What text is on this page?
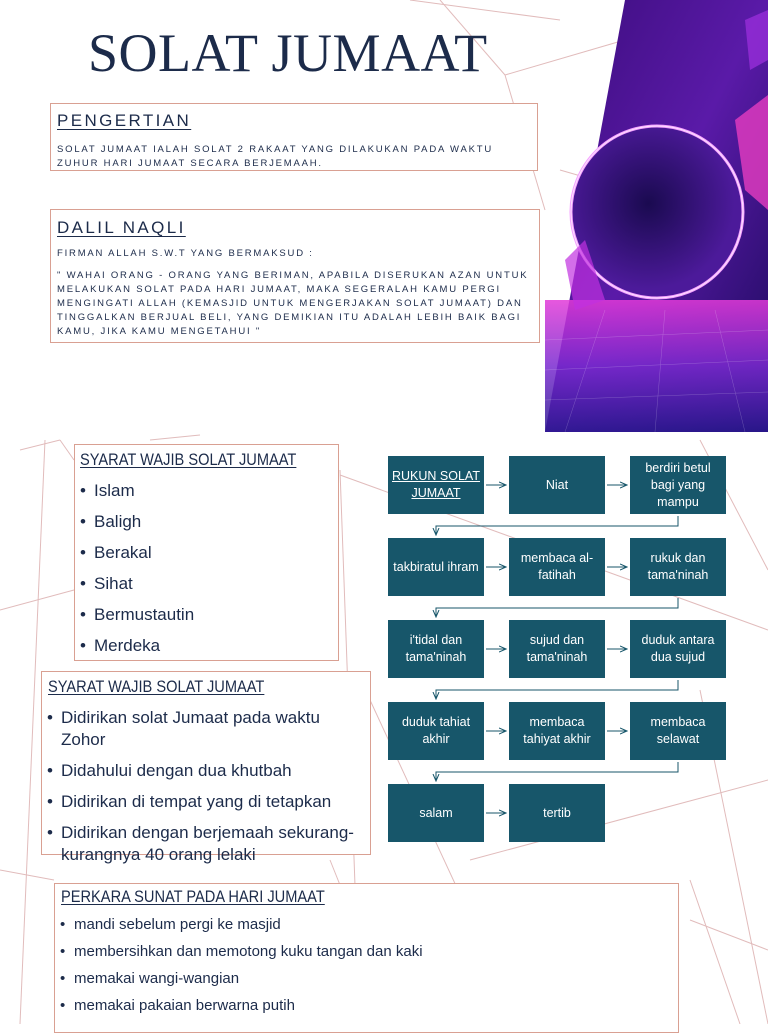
SOLAT JUMAAT
PENGERTIAN
SOLAT JUMAAT IALAH SOLAT 2 RAKAAT YANG DILAKUKAN PADA WAKTU ZUHUR HARI JUMAAT SECARA BERJEMAAH.
DALIL NAQLI
FIRMAN ALLAH S.W.T YANG BERMAKSUD :
" WAHAI ORANG - ORANG YANG BERIMAN, APABILA DISERUKAN AZAN UNTUK MELAKUKAN SOLAT PADA HARI JUMAAT, MAKA SEGERALAH KAMU PERGI MENGINGATI ALLAH (KEMASJID UNTUK MENGERJAKAN SOLAT JUMAAT) DAN TINGGALKAN BERJUAL BELI, YANG DEMIKIAN ITU ADALAH LEBIH BAIK BAGI KAMU, JIKA KAMU MENGETAHUI "
SYARAT WAJIB SOLAT JUMAAT
• Islam
• Baligh
• Berakal
• Sihat
• Bermustautin
• Merdeka
SYARAT WAJIB SOLAT JUMAAT
• Didirikan solat Jumaat pada waktu Zohor
• Didahului dengan dua khutbah
• Didirikan di tempat yang di tetapkan
• Didirikan dengan berjemaah sekurang-kurangnya 40 orang lelaki
RUKUN SOLAT JUMAAT
Niat
berdiri betul bagi yang mampu
takbiratul ihram
membaca al-fatihah
rukuk dan tama'ninah
i'tidal dan tama'ninah
sujud dan tama'ninah
duduk antara dua sujud
duduk tahiat akhir
membaca tahiyat akhir
membaca selawat
salam	tertib
PERKARA SUNAT PADA HARI JUMAAT
• mandi sebelum pergi ke masjid
• membersihkan dan memotong kuku tangan dan kaki
• memakai wangi-wangian
• memakai pakaian berwarna putih
